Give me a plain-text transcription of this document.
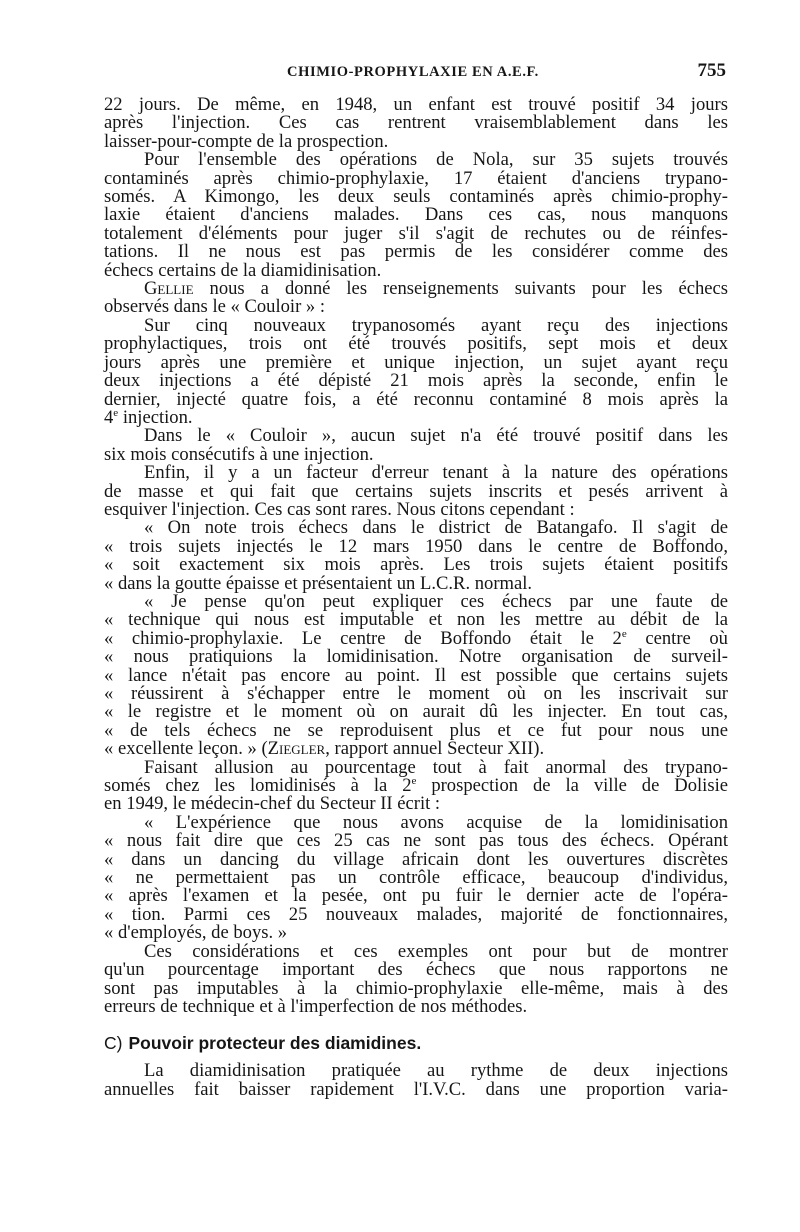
CHIMIO-PROPHYLAXIE EN A.E.F.	755

22 jours. De même, en 1948, un enfant est trouvé positif 34 jours
après l'injection. Ces cas rentrent vraisemblablement dans les
laisser-pour-compte de la prospection.

Pour l'ensemble des opérations de Nola, sur 35 sujets trouvés
contaminés après chimio-prophylaxie, 17 étaient d'anciens trypano-
somés. A Kimongo, les deux seuls contaminés après chimio-prophy-
laxie étaient d'anciens malades. Dans ces cas, nous manquons
totalement d'éléments pour juger s'il s'agit de rechutes ou de réinfes-
tations. Il ne nous est pas permis de les considérer comme des
échecs certains de la diamidinisation.

Gellie nous a donné les renseignements suivants pour les échecs
observés dans le « Couloir » :

Sur cinq nouveaux trypanosomés ayant reçu des injections
prophylactiques, trois ont été trouvés positifs, sept mois et deux
jours après une première et unique injection, un sujet ayant reçu
deux injections a été dépisté 21 mois après la seconde, enfin le
dernier, injecté quatre fois, a été reconnu contaminé 8 mois après la
4e injection.

Dans le « Couloir », aucun sujet n'a été trouvé positif dans les
six mois consécutifs à une injection.

Enfin, il y a un facteur d'erreur tenant à la nature des opérations
de masse et qui fait que certains sujets inscrits et pesés arrivent à
esquiver l'injection. Ces cas sont rares. Nous citons cependant :

« On note trois échecs dans le district de Batangafo. Il s'agit de
« trois sujets injectés le 12 mars 1950 dans le centre de Boffondo,
« soit exactement six mois après. Les trois sujets étaient positifs
« dans la goutte épaisse et présentaient un L.C.R. normal.

« Je pense qu'on peut expliquer ces échecs par une faute de
« technique qui nous est imputable et non les mettre au débit de la
« chimio-prophylaxie. Le centre de Boffondo était le 2e centre où
« nous pratiquions la lomidinisation. Notre organisation de surveil-
« lance n'était pas encore au point. Il est possible que certains sujets
« réussirent à s'échapper entre le moment où on les inscrivait sur
« le registre et le moment où on aurait dû les injecter. En tout cas,
« de tels échecs ne se reproduisent plus et ce fut pour nous une
« excellente leçon. » (Ziegler, rapport annuel Secteur XII).

Faisant allusion au pourcentage tout à fait anormal des trypano-
somés chez les lomidinisés à la 2e prospection de la ville de Dolisie
en 1949, le médecin-chef du Secteur II écrit :

« L'expérience que nous avons acquise de la lomidinisation
« nous fait dire que ces 25 cas ne sont pas tous des échecs. Opérant
« dans un dancing du village africain dont les ouvertures discrètes
« ne permettaient pas un contrôle efficace, beaucoup d'individus,
« après l'examen et la pesée, ont pu fuir le dernier acte de l'opéra-
« tion. Parmi ces 25 nouveaux malades, majorité de fonctionnaires,
« d'employés, de boys. »

Ces considérations et ces exemples ont pour but de montrer
qu'un pourcentage important des échecs que nous rapportons ne
sont pas imputables à la chimio-prophylaxie elle-même, mais à des
erreurs de technique et à l'imperfection de nos méthodes.

C) Pouvoir protecteur des diamidines.

La diamidinisation pratiquée au rythme de deux injections
annuelles fait baisser rapidement l'I.V.C. dans une proportion varia-
